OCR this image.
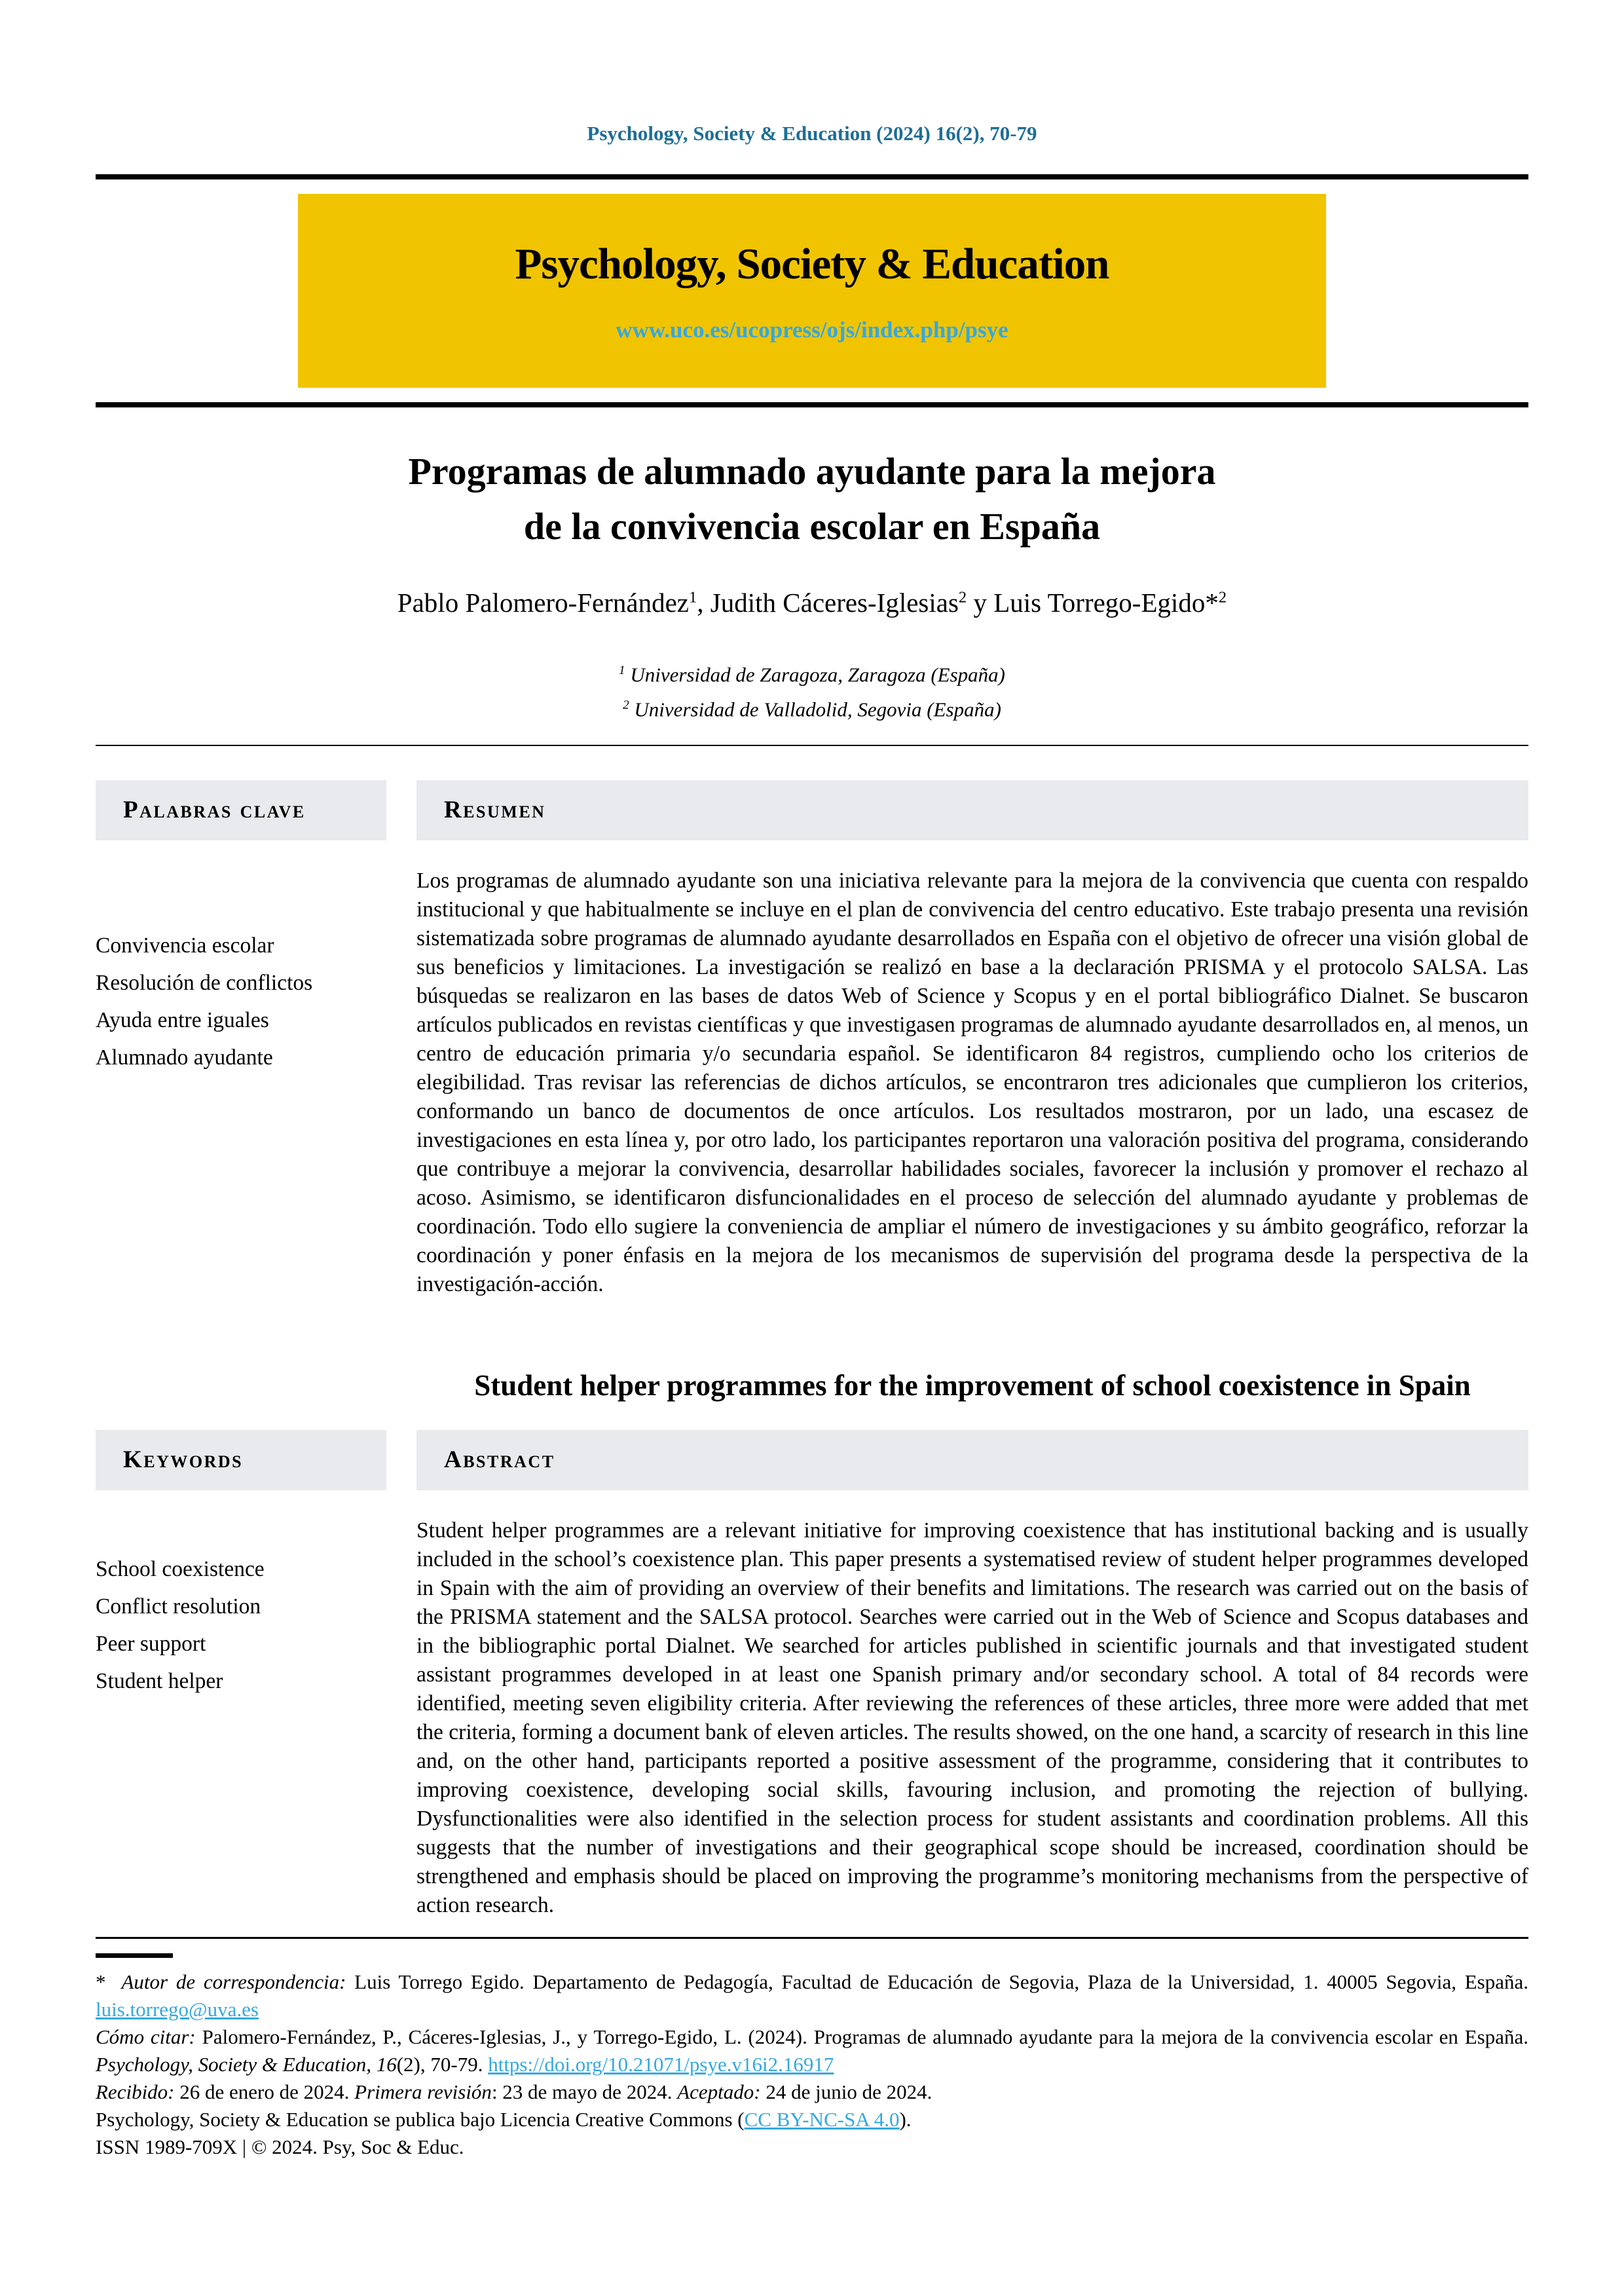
Psychology, Society & Education (2024) 16(2), 70-79
Psychology, Society & Education
www.uco.es/ucopress/ojs/index.php/psye
Programas de alumnado ayudante para la mejora
de la convivencia escolar en España
Pablo Palomero-Fernández$^1$, Judith Cáceres-Iglesias$^2$ y Luis Torrego-Egido*$^2$
$^1$ Universidad de Zaragoza, Zaragoza (España)
$^2$ Universidad de Valladolid, Segovia (España)
Palabras clave
Convivencia escolar
Resolución de conflictos
Ayuda entre iguales
Alumnado ayudante
Resumen
Los programas de alumnado ayudante son una iniciativa relevante para la mejora de la convivencia que cuenta con respaldo institucional y que habitualmente se incluye en el plan de convivencia del centro educativo. Este trabajo presenta una revisión sistematizada sobre programas de alumnado ayudante desarrollados en España con el objetivo de ofrecer una visión global de sus beneficios y limitaciones. La investigación se realizó en base a la declaración PRISMA y el protocolo SALSA. Las búsquedas se realizaron en las bases de datos Web of Science y Scopus y en el portal bibliográfico Dialnet. Se buscaron artículos publicados en revistas científicas y que investigasen programas de alumnado ayudante desarrollados en, al menos, un centro de educación primaria y/o secundaria español. Se identificaron 84 registros, cumpliendo ocho los criterios de elegibilidad. Tras revisar las referencias de dichos artículos, se encontraron tres adicionales que cumplieron los criterios, conformando un banco de documentos de once artículos. Los resultados mostraron, por un lado, una escasez de investigaciones en esta línea y, por otro lado, los participantes reportaron una valoración positiva del programa, considerando que contribuye a mejorar la convivencia, desarrollar habilidades sociales, favorecer la inclusión y promover el rechazo al acoso. Asimismo, se identificaron disfuncionalidades en el proceso de selección del alumnado ayudante y problemas de coordinación. Todo ello sugiere la conveniencia de ampliar el número de investigaciones y su ámbito geográfico, reforzar la coordinación y poner énfasis en la mejora de los mecanismos de supervisión del programa desde la perspectiva de la investigación-acción.
Student helper programmes for the improvement of school coexistence in Spain
Keywords
School coexistence
Conflict resolution
Peer support
Student helper
Abstract
Student helper programmes are a relevant initiative for improving coexistence that has institutional backing and is usually included in the school’s coexistence plan. This paper presents a systematised review of student helper programmes developed in Spain with the aim of providing an overview of their benefits and limitations. The research was carried out on the basis of the PRISMA statement and the SALSA protocol. Searches were carried out in the Web of Science and Scopus databases and in the bibliographic portal Dialnet. We searched for articles published in scientific journals and that investigated student assistant programmes developed in at least one Spanish primary and/or secondary school. A total of 84 records were identified, meeting seven eligibility criteria. After reviewing the references of these articles, three more were added that met the criteria, forming a document bank of eleven articles. The results showed, on the one hand, a scarcity of research in this line and, on the other hand, participants reported a positive assessment of the programme, considering that it contributes to improving coexistence, developing social skills, favouring inclusion, and promoting the rejection of bullying. Dysfunctionalities were also identified in the selection process for student assistants and coordination problems. All this suggests that the number of investigations and their geographical scope should be increased, coordination should be strengthened and emphasis should be placed on improving the programme’s monitoring mechanisms from the perspective of action research.

* Autor de correspondencia: Luis Torrego Egido. Departamento de Pedagogía, Facultad de Educación de Segovia, Plaza de la Universidad, 1. 40005 Segovia, España. luis.torrego@uva.es

Cómo citar: Palomero-Fernández, P., Cáceres-Iglesias, J., y Torrego-Egido, L. (2024). Programas de alumnado ayudante para la mejora de la convivencia escolar en España. Psychology, Society & Education, 16(2), 70-79. https://doi.org/10.21071/psye.v16i2.16917

Recibido: 26 de enero de 2024. Primera revisión: 23 de mayo de 2024. Aceptado: 24 de junio de 2024.

Psychology, Society & Education se publica bajo Licencia Creative Commons (CC BY-NC-SA 4.0).

ISSN 1989-709X | © 2024. Psy, Soc & Educ.
